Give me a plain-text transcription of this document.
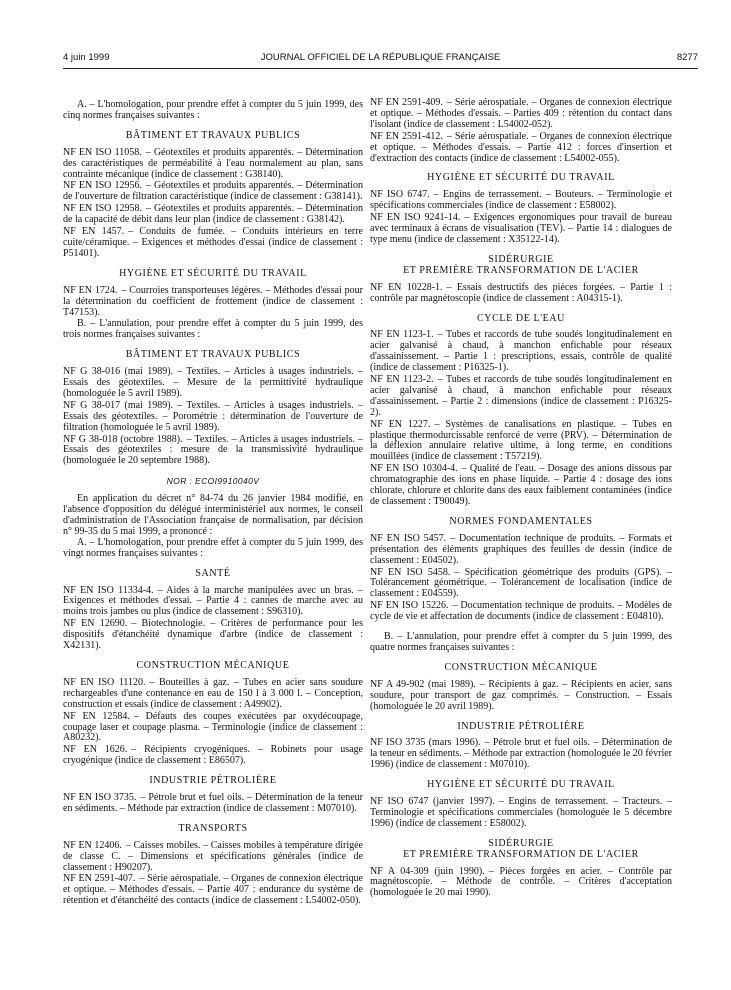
4 juin 1999	JOURNAL OFFICIEL DE LA RÉPUBLIQUE FRANÇAISE	8277

A. – L'homologation, pour prendre effet à compter du 5 juin 1999, des cinq normes françaises suivantes :

BÂTIMENT ET TRAVAUX PUBLICS
NF EN ISO 11058. – Géotextiles et produits apparentés. – Détermination des caractéristiques de perméabilité à l'eau normalement au plan, sans contrainte mécanique (indice de classement : G38140).
NF EN ISO 12956. – Géotextiles et produits apparentés. – Détermination de l'ouverture de filtration caractéristique (indice de classement : G38141).
NF EN ISO 12958. – Géotextiles et produits apparentés. – Détermination de la capacité de débit dans leur plan (indice de classement : G38142).
NF EN 1457. – Conduits de fumée. – Conduits intérieurs en terre cuite/céramique. – Exigences et méthodes d'essai (indice de classement : P51401).
HYGIÈNE ET SÉCURITÉ DU TRAVAIL
NF EN 1724. – Courroies transporteuses légères. – Méthodes d'essai pour la détermination du coefficient de frottement (indice de classement : T47153).

B. – L'annulation, pour prendre effet à compter du 5 juin 1999, des trois normes françaises suivantes :

BÂTIMENT ET TRAVAUX PUBLICS
NF G 38-016 (mai 1989). – Textiles. – Articles à usages industriels. – Essais des géotextiles. – Mesure de la permittivité hydraulique (homologuée le 5 avril 1989).
NF G 38-017 (mai 1989). – Textiles. – Articles à usages industriels. – Essais des géotextiles. – Porométrie : détermination de l'ouverture de filtration (homologuée le 5 avril 1989).
NF G 38-018 (octobre 1988). – Textiles. – Articles à usages industriels. – Essais des géotextiles : mesure de la transmissivité hydraulique (homologuée le 20 septembre 1988).
NOR : ECOI9910040V

En application du décret n° 84-74 du 26 janvier 1984 modifié, en l'absence d'opposition du délégué interministériel aux normes, le conseil d'administration de l'Association française de normalisation, par décision n° 99-35 du 5 mai 1999, a prononcé :

A. – L'homologation, pour prendre effet à compter du 5 juin 1999, des vingt normes françaises suivantes :

SANTÉ
NF EN ISO 11334-4. – Aides à la marche manipulées avec un bras. – Exigences et méthodes d'essai. – Partie 4 : cannes de marche avec au moins trois jambes ou plus (indice de classement : S96310).
NF EN 12690. – Biotechnologie. – Critères de performance pour les dispositifs d'étanchéité dynamique d'arbre (indice de classement : X42131).
CONSTRUCTION MÉCANIQUE
NF EN ISO 11120. – Bouteilles à gaz. – Tubes en acier sans soudure rechargeables d'une contenance en eau de 150 l à 3 000 l. – Conception, construction et essais (indice de classement : A49902).
NF EN 12584. – Défauts des coupes exécutées par oxydécoupage, coupage laser et coupage plasma. – Terminologie (indice de classement : A80232).
NF EN 1626. – Récipients cryogéniques. – Robinets pour usage cryogénique (indice de classement : E86507).
INDUSTRIE PÉTROLIÈRE
NF EN ISO 3735. – Pétrole brut et fuel oils. – Détermination de la teneur en sédiments. – Méthode par extraction (indice de classement : M07010).
TRANSPORTS
NF EN 12406. – Caisses mobiles. – Caisses mobiles à température dirigée de classe C. – Dimensions et spécifications générales (indice de classement : H90207).
NF EN 2591-407. – Série aérospatiale. – Organes de connexion électrique et optique. – Méthodes d'essais. – Partie 407 : endurance du système de rétention et d'étanchéité des contacts (indice de classement : L54002-050).
NF EN 2591-409. – Série aérospatiale. – Organes de connexion électrique et optique. – Méthodes d'essais. – Parties 409 : rétention du contact dans l'isolant (indice de classement : L54002-052).
NF EN 2591-412. – Série aérospatiale. – Organes de connexion électrique et optique. – Méthodes d'essais. – Partie 412 : forces d'insertion et d'extraction des contacts (indice de classement : L54002-055).
HYGIÈNE ET SÉCURITÉ DU TRAVAIL
NF ISO 6747. – Engins de terrassement. – Bouteurs. – Terminologie et spécifications commerciales (indice de classement : E58002).
NF EN ISO 9241-14. – Exigences ergonomiques pour travail de bureau avec terminaux à écrans de visualisation (TEV). – Partie 14 : dialogues de type menu (indice de classement : X35122-14).
SIDÉRURGIE
ET PREMIÈRE TRANSFORMATION DE L'ACIER
NF EN 10228-1. – Essais destructifs des pièces forgées. – Partie 1 : contrôle par magnétoscopie (indice de classement : A04315-1).
CYCLE DE L'EAU
NF EN 1123-1. – Tubes et raccords de tube soudés longitudinalement en acier galvanisé à chaud, à manchon enfichable pour réseaux d'assainissement. – Partie 1 : prescriptions, essais, contrôle de qualité (indice de classement : P16325-1).
NF EN 1123-2. – Tubes et raccords de tube soudés longitudinalement en acier galvanisé à chaud, à manchon enfichable pour réseaux d'assainissement. – Partie 2 : dimensions (indice de classement : P16325-2).
NF EN 1227. – Systèmes de canalisations en plastique. – Tubes en plastique thermodurcissable renforcé de verre (PRV). – Détermination de la déflexion annulaire relative ultime, à long terme, en conditions mouillées (indice de classement : T57219).
NF EN ISO 10304-4. – Qualité de l'eau. – Dosage des anions dissous par chromatographie des ions en phase liquide. – Partie 4 : dosage des ions chlorate, chlorure et chlorite dans des eaux faiblement contaminées (indice de classement : T90049).
NORMES FONDAMENTALES
NF EN ISO 5457. – Documentation technique de produits. – Formats et présentation des éléments graphiques des feuilles de dessin (indice de classement : E04502).
NF EN ISO 5458. – Spécification géométrique des produits (GPS). – Tolérancement géométrique. – Tolérancement de localisation (indice de classement : E04559).
NF EN ISO 15226. – Documentation technique de produits. – Modèles de cycle de vie et affectation de documents (indice de classement : E04810).

B. – L'annulation, pour prendre effet à compter du 5 juin 1999, des quatre normes françaises suivantes :

CONSTRUCTION MÉCANIQUE
NF A 49-902 (mai 1989). – Récipients à gaz. – Récipients en acier, sans soudure, pour transport de gaz comprimés. – Construction. – Essais (homologuée le 20 avril 1989).
INDUSTRIE PÉTROLIÈRE
NF ISO 3735 (mars 1996). – Pétrole brut et fuel oils. – Détermination de la teneur en sédiments. – Méthode par extraction (homologuée le 20 février 1996) (indice de classement : M07010).
HYGIÈNE ET SÉCURITÉ DU TRAVAIL
NF ISO 6747 (janvier 1997). – Engins de terrassement. – Tracteurs. – Terminologie et spécifications commerciales (homologuée le 5 décembre 1996) (indice de classement : E58002).
SIDÉRURGIE
ET PREMIÈRE TRANSFORMATION DE L'ACIER
NF A 04-309 (juin 1990). – Pièces forgées en acier. – Contrôle par magnétoscopie. – Méthode de contrôle. – Critères d'acceptation (homologuée le 20 mai 1990).
